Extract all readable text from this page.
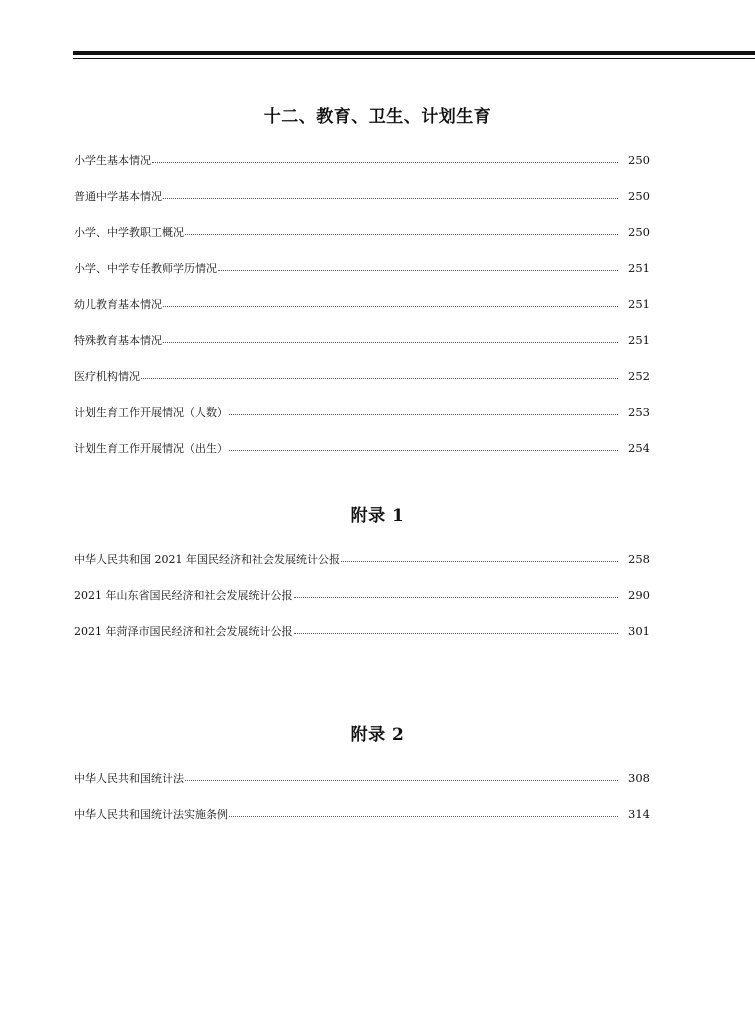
十二、教育、卫生、计划生育
小学生基本情况	250
普通中学基本情况	250
小学、中学教职工概况	250
小学、中学专任教师学历情况	251
幼儿教育基本情况	251
特殊教育基本情况	251
医疗机构情况	252
计划生育工作开展情况（人数）	253
计划生育工作开展情况（出生）	254
附录 1
中华人民共和国 2021 年国民经济和社会发展统计公报	258
2021 年山东省国民经济和社会发展统计公报	290
2021 年菏泽市国民经济和社会发展统计公报	301
附录 2
中华人民共和国统计法	308
中华人民共和国统计法实施条例	314
